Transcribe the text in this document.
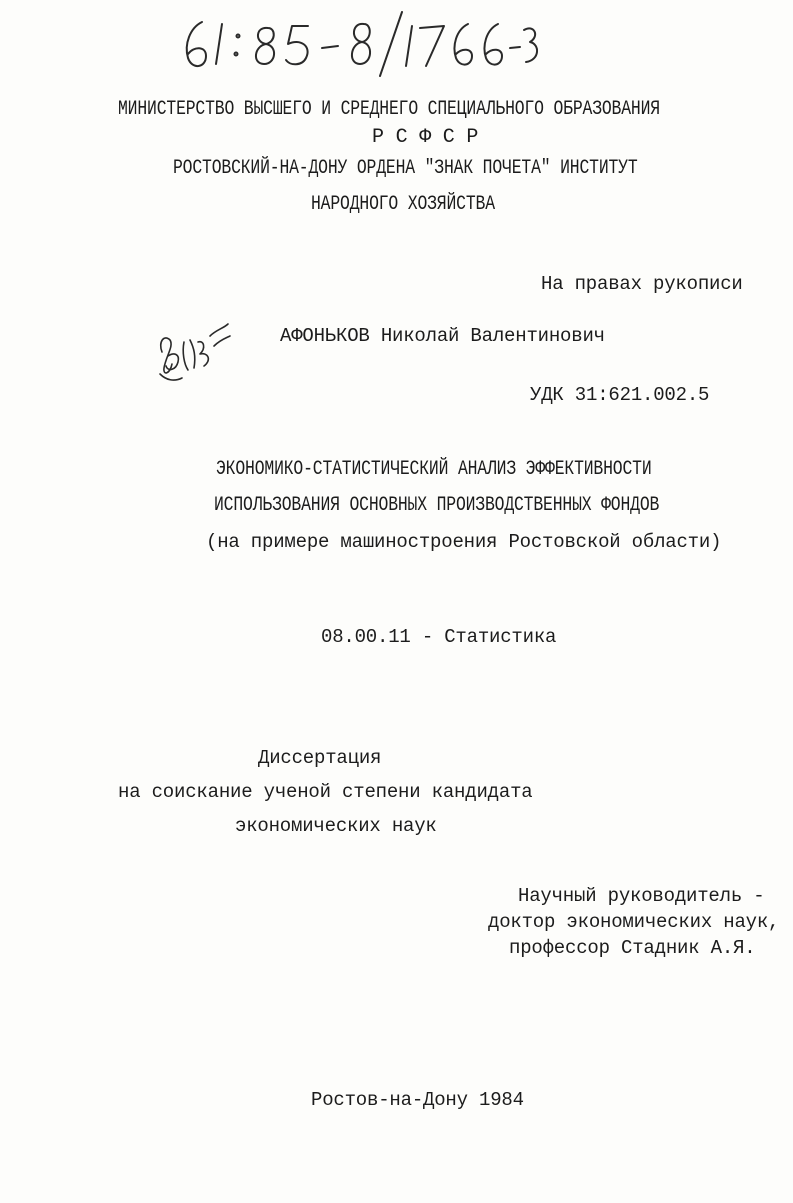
МИНИСТЕРСТВО ВЫСШЕГО И СРЕДНЕГО СПЕЦИАЛЬНОГО ОБРАЗОВАНИЯ
Р С Ф С Р
РОСТОВСКИЙ-НА-ДОНУ ОРДЕНА "ЗНАК ПОЧЕТА" ИНСТИТУТ
НАРОДНОГО ХОЗЯЙСТВА
На правах рукописи
АФОНЬКОВ Николай Валентинович
УДК 31:621.002.5
ЭКОНОМИКО-СТАТИСТИЧЕСКИЙ АНАЛИЗ ЭФФЕКТИВНОСТИ
ИСПОЛЬЗОВАНИЯ ОСНОВНЫХ ПРОИЗВОДСТВЕННЫХ ФОНДОВ
(на примере машиностроения Ростовской области)
08.00.11 - Статистика
Диссертация
на соискание ученой степени кандидата
экономических наук
Научный руководитель -
доктор экономических наук,
профессор Стадник А.Я.
Ростов-на-Дону 1984
